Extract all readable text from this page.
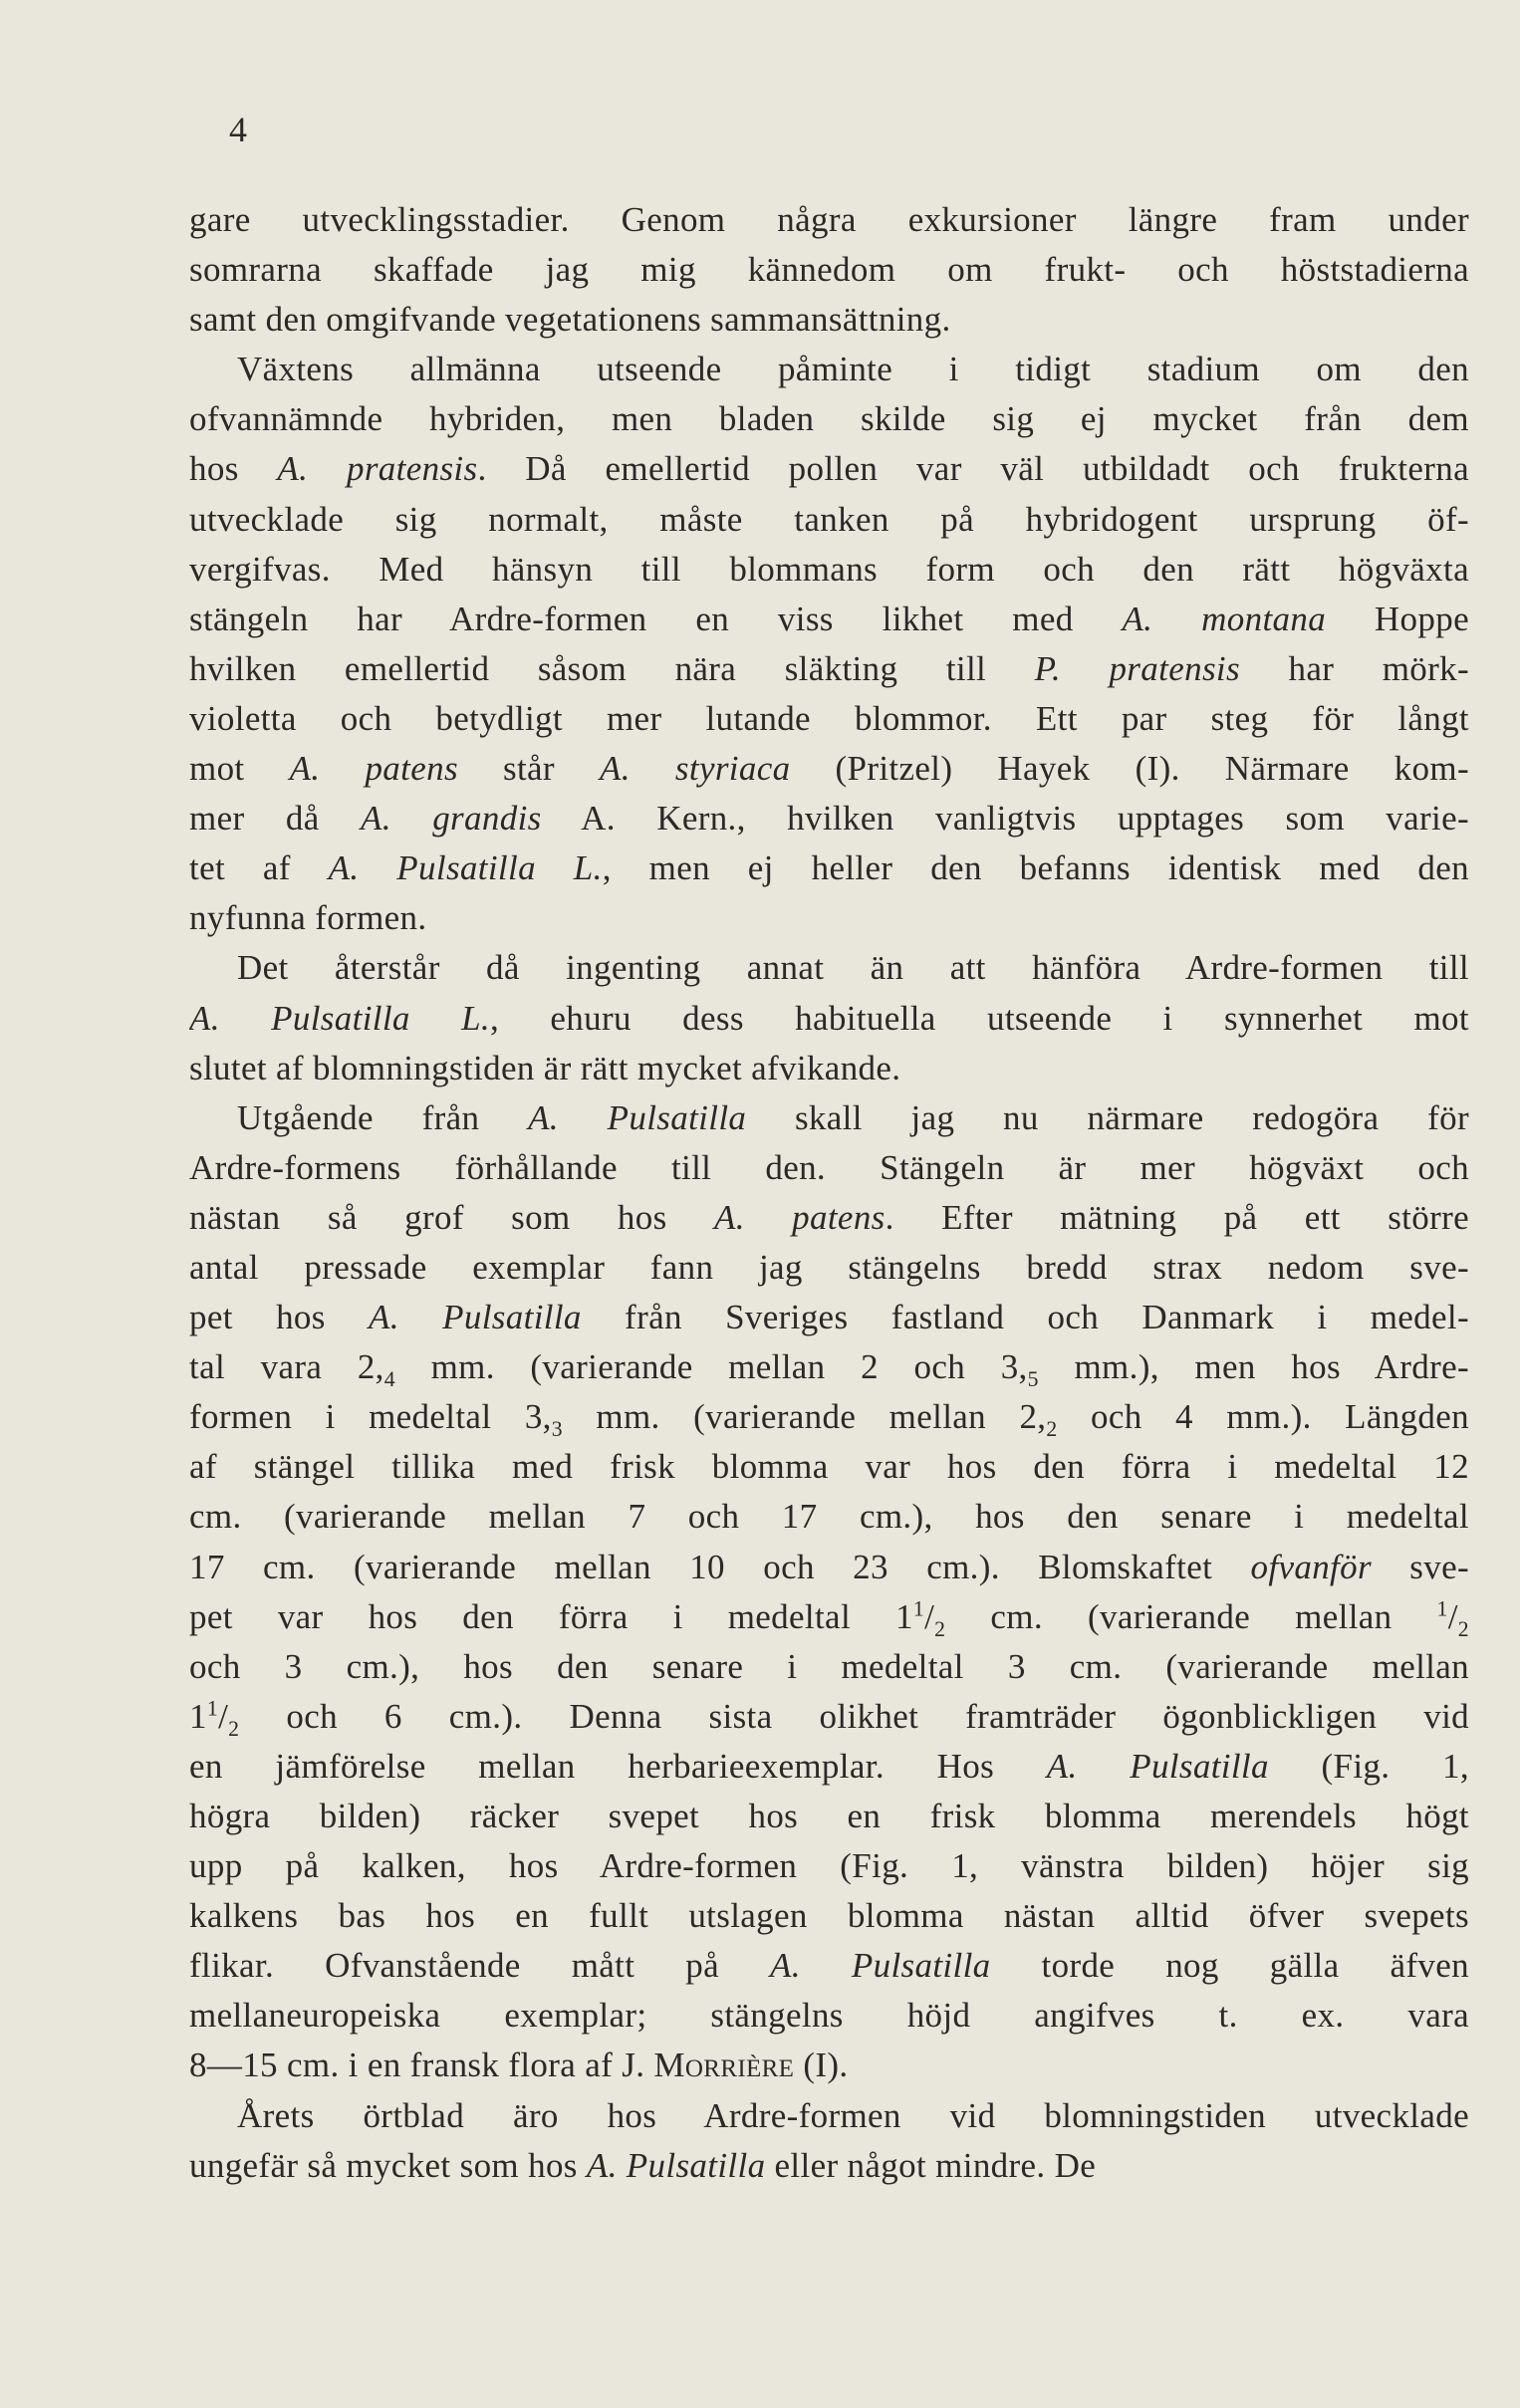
4
gare utvecklingsstadier. Genom några exkursioner längre fram under
somrarna skaffade jag mig kännedom om frukt- och höststadierna
samt den omgifvande vegetationens sammansättning.
Växtens allmänna utseende påminte i tidigt stadium om den
ofvannämnde hybriden, men bladen skilde sig ej mycket från dem
hos A. pratensis. Då emellertid pollen var väl utbildadt och frukterna
utvecklade sig normalt, måste tanken på hybridogent ursprung öf-
vergifvas. Med hänsyn till blommans form och den rätt högväxta
stängeln har Ardre-formen en viss likhet med A. montana Hoppe
hvilken emellertid såsom nära släkting till P. pratensis har mörk-
violetta och betydligt mer lutande blommor. Ett par steg för långt
mot A. patens står A. styriaca (Pritzel) Hayek (I). Närmare kom-
mer då A. grandis A. Kern., hvilken vanligtvis upptages som varie-
tet af A. Pulsatilla L., men ej heller den befanns identisk med den
nyfunna formen.
Det återstår då ingenting annat än att hänföra Ardre-formen till
A. Pulsatilla L., ehuru dess habituella utseende i synnerhet mot
slutet af blomningstiden är rätt mycket afvikande.
Utgående från A. Pulsatilla skall jag nu närmare redogöra för
Ardre-formens förhållande till den. Stängeln är mer högväxt och
nästan så grof som hos A. patens. Efter mätning på ett större
antal pressade exemplar fann jag stängelns bredd strax nedom sve-
pet hos A. Pulsatilla från Sveriges fastland och Danmark i medel-
tal vara $2,_4$ mm. (varierande mellan 2 och $3,_5$ mm.), men hos Ardre-
formen i medeltal $3,_3$ mm. (varierande mellan $2,_2$ och 4 mm.). Längden
af stängel tillika med frisk blomma var hos den förra i medeltal 12
cm. (varierande mellan 7 och 17 cm.), hos den senare i medeltal
17 cm. (varierande mellan 10 och 23 cm.). Blomskaftet ofvanför sve-
pet var hos den förra i medeltal $1^1/_2$ cm. (varierande mellan $^1/_2$
och 3 cm.), hos den senare i medeltal 3 cm. (varierande mellan
$1^1/_2$ och 6 cm.). Denna sista olikhet framträder ögonblickligen vid
en jämförelse mellan herbarieexemplar. Hos A. Pulsatilla (Fig. 1,
högra bilden) räcker svepet hos en frisk blomma merendels högt
upp på kalken, hos Ardre-formen (Fig. 1, vänstra bilden) höjer sig
kalkens bas hos en fullt utslagen blomma nästan alltid öfver svepets
flikar. Ofvanstående mått på A. Pulsatilla torde nog gälla äfven
mellaneuropeiska exemplar; stängelns höjd angifves t. ex. vara
8—15 cm. i en fransk flora af J. Morrière (I).
Årets örtblad äro hos Ardre-formen vid blomningstiden utvecklade
ungefär så mycket som hos A. Pulsatilla eller något mindre. De
